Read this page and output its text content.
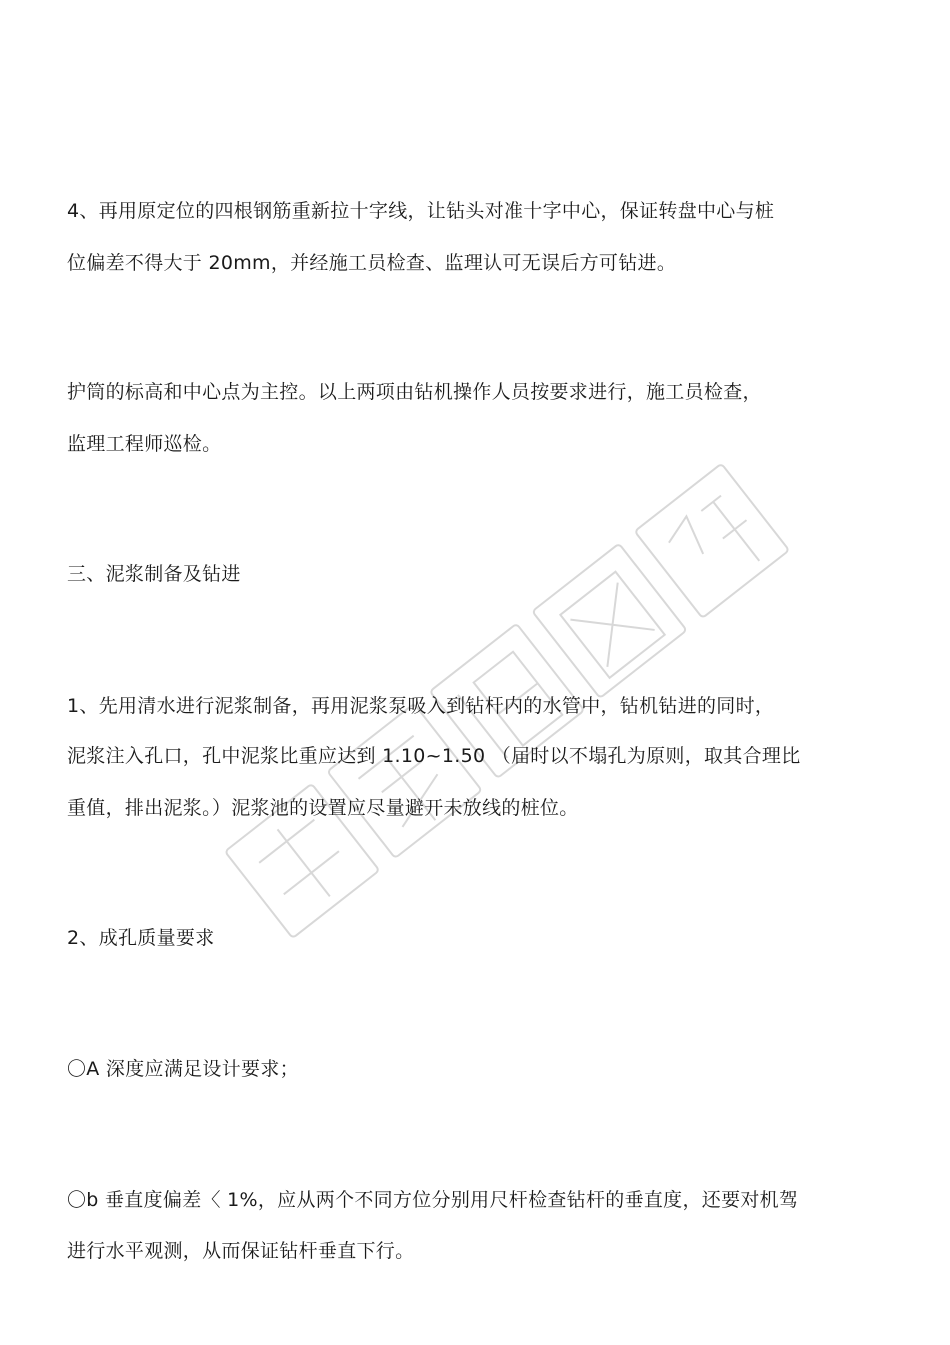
4、再用原定位的四根钢筋重新拉十字线，让钻头对准十字中心，保证转盘中心与桩
位偏差不得大于 20mm，并经施工员检查、监理认可无误后方可钻进。
护筒的标高和中心点为主控。以上两项由钻机操作人员按要求进行，施工员检查，
监理工程师巡检。
三、泥浆制备及钻进
1、先用清水进行泥浆制备，再用泥浆泵吸入到钻杆内的水管中，钻机钻进的同时，
泥浆注入孔口，孔中泥浆比重应达到 1.10~1.50 （届时以不塌孔为原则，取其合理比
重值，排出泥浆。）泥浆池的设置应尽量避开未放线的桩位。
2、成孔质量要求
〇A 深度应满足设计要求；
〇b 垂直度偏差〈 1%，应从两个不同方位分别用尺杆检查钻杆的垂直度，还要对机驾
进行水平观测，从而保证钻杆垂直下行。
